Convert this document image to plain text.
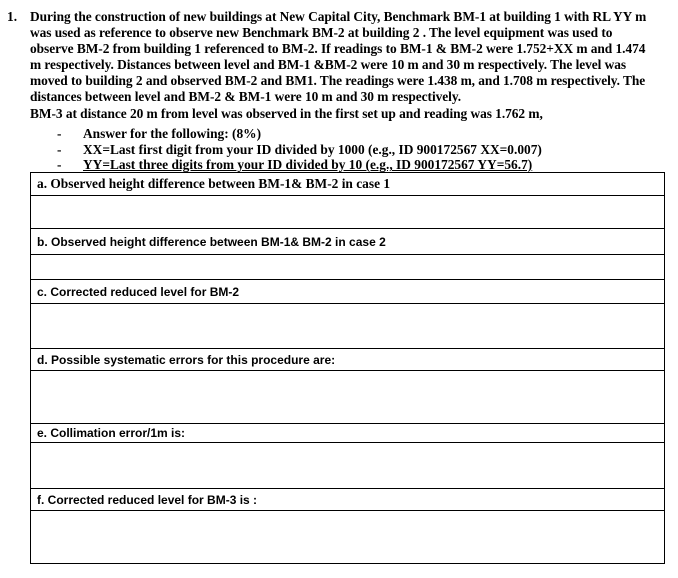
1. During the construction of new buildings at New Capital City, Benchmark BM-1 at building 1 with RL YY m
was used as reference to observe new Benchmark BM-2 at building 2 . The level equipment was used to
observe BM-2 from building 1 referenced to BM-2. If readings to BM-1 & BM-2 were 1.752+XX m and 1.474
m respectively. Distances between level and BM-1 &BM-2 were 10 m and 30 m respectively. The level was
moved to building 2 and observed BM-2 and BM1. The readings were 1.438 m, and 1.708 m respectively. The
distances between level and BM-2 & BM-1 were 10 m and 30 m respectively.
BM-3 at distance 20 m from level was observed in the first set up and reading was 1.762 m,
- Answer for the following: (8%)
- XX=Last first digit from your ID divided by 1000 (e.g., ID 900172567 XX=0.007)
- YY=Last three digits from your ID divided by 10 (e.g., ID 900172567 YY=56.7)
a. Observed height difference between BM-1& BM-2 in case 1

b. Observed height difference between BM-1& BM-2 in case 2

c. Corrected reduced level for BM-2

d. Possible systematic errors for this procedure are:

e. Collimation error/1m is:

f. Corrected reduced level for BM-3 is :
